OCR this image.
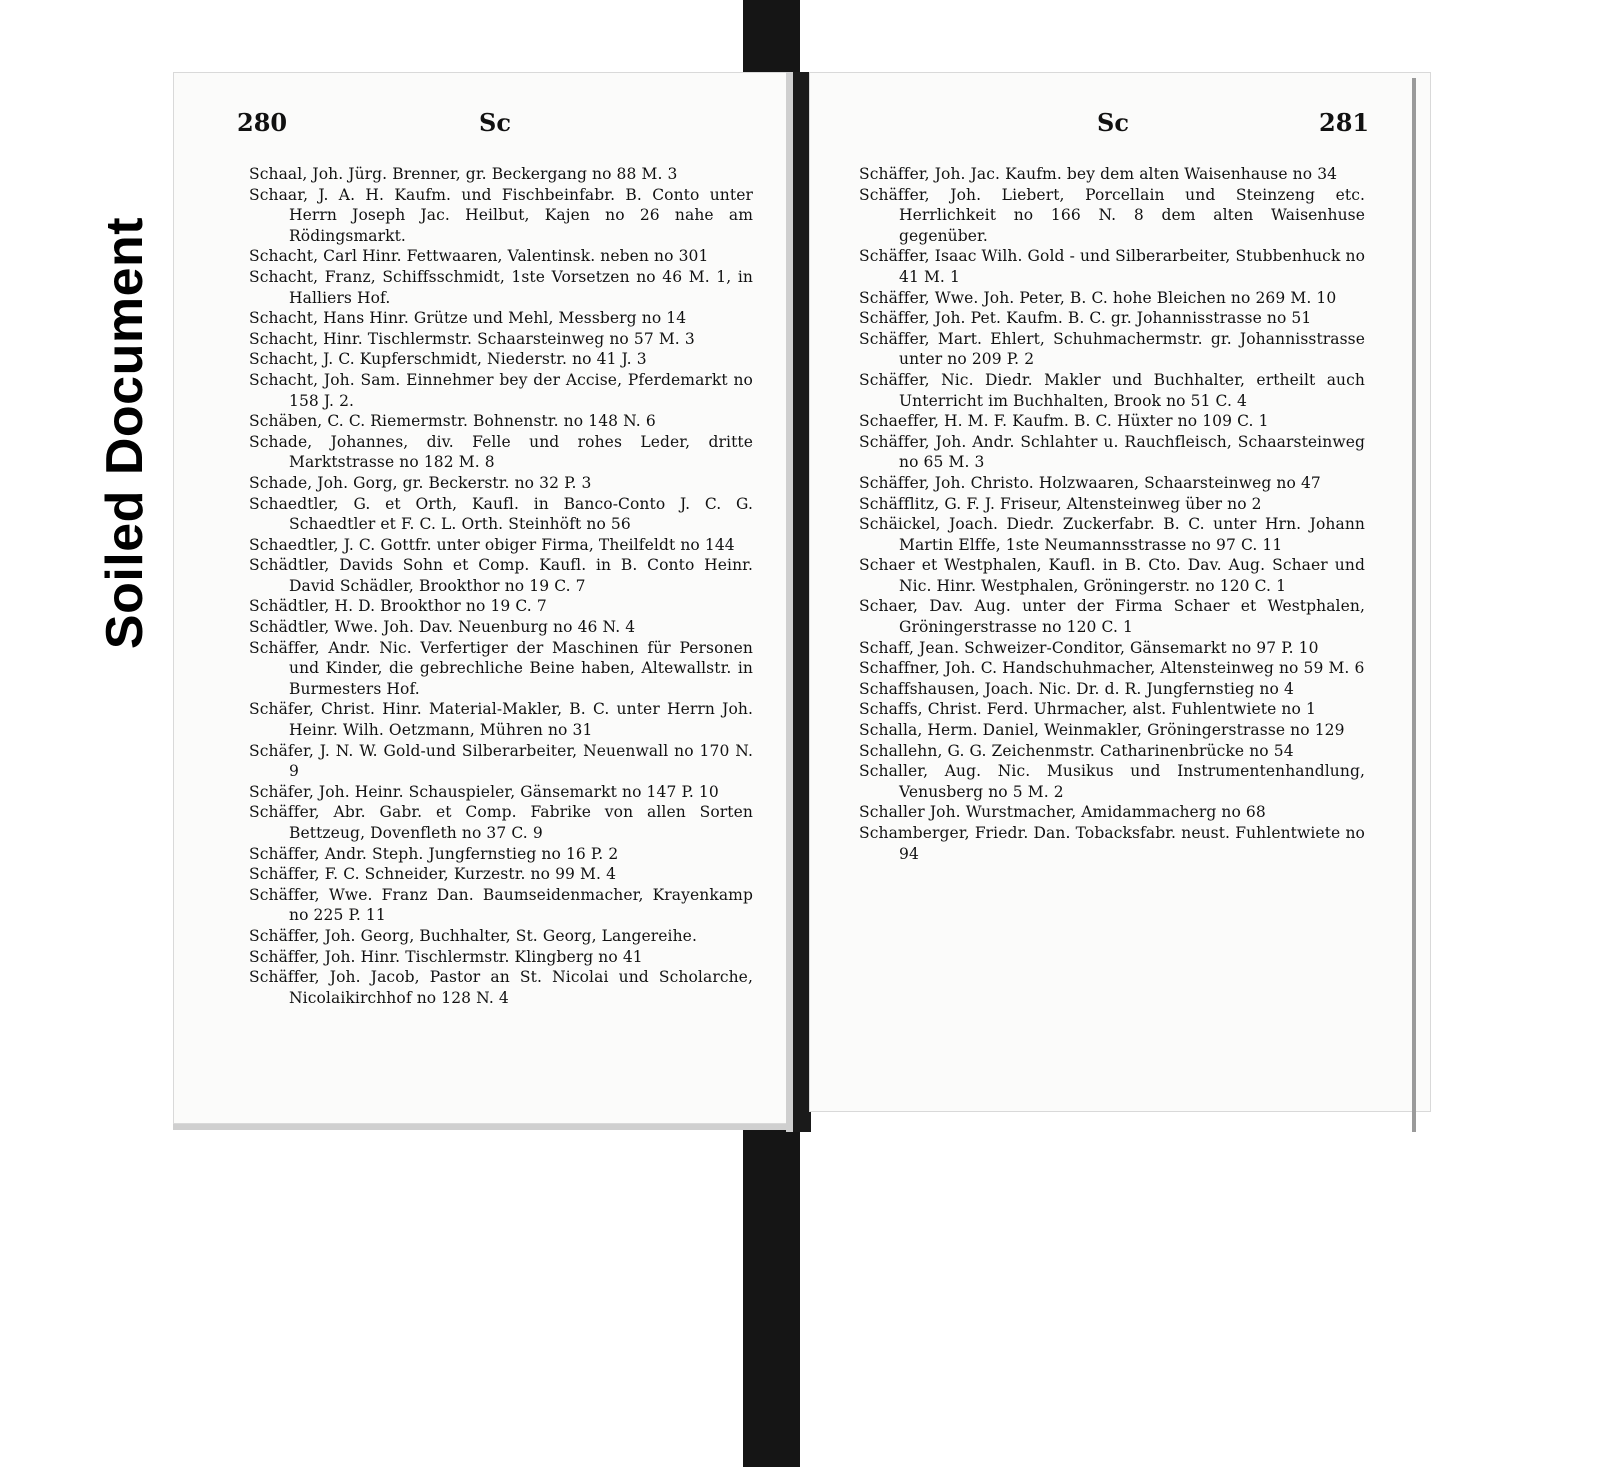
Soiled Document
280	Sc

Schaal, Joh. Jürg. Brenner, gr. Beckergang no 88 M. 3

Schaar, J. A. H. Kaufm. und Fischbeinfabr. B. Conto unter Herrn Joseph Jac. Heilbut, Kajen no 26 nahe am Rödingsmarkt.

Schacht, Carl Hinr. Fettwaaren, Valentinsk. neben no 301

Schacht, Franz, Schiffsschmidt, 1ste Vorsetzen no 46 M. 1, in Halliers Hof.

Schacht, Hans Hinr. Grütze und Mehl, Messberg no 14

Schacht, Hinr. Tischlermstr. Schaarsteinweg no 57 M. 3

Schacht, J. C. Kupferschmidt, Niederstr. no 41 J. 3

Schacht, Joh. Sam. Einnehmer bey der Accise, Pferdemarkt no 158 J. 2.

Schäben, C. C. Riemermstr. Bohnenstr. no 148 N. 6

Schade, Johannes, div. Felle und rohes Leder, dritte Marktstrasse no 182 M. 8

Schade, Joh. Gorg, gr. Beckerstr. no 32 P. 3

Schaedtler, G. et Orth, Kaufl. in Banco-Conto J. C. G. Schaedtler et F. C. L. Orth. Steinhöft no 56

Schaedtler, J. C. Gottfr. unter obiger Firma, Theilfeldt no 144

Schädtler, Davids Sohn et Comp. Kaufl. in B. Conto Heinr. David Schädler, Brookthor no 19 C. 7

Schädtler, H. D. Brookthor no 19 C. 7

Schädtler, Wwe. Joh. Dav. Neuenburg no 46 N. 4

Schäffer, Andr. Nic. Verfertiger der Maschinen für Personen und Kinder, die gebrechliche Beine haben, Altewallstr. in Burmesters Hof.

Schäfer, Christ. Hinr. Material-Makler, B. C. unter Herrn Joh. Heinr. Wilh. Oetzmann, Mühren no 31

Schäfer, J. N. W. Gold-und Silberarbeiter, Neuenwall no 170 N. 9

Schäfer, Joh. Heinr. Schauspieler, Gänsemarkt no 147 P. 10

Schäffer, Abr. Gabr. et Comp. Fabrike von allen Sorten Bettzeug, Dovenfleth no 37 C. 9

Schäffer, Andr. Steph. Jungfernstieg no 16 P. 2

Schäffer, F. C. Schneider, Kurzestr. no 99 M. 4

Schäffer, Wwe. Franz Dan. Baumseidenmacher, Krayenkamp no 225 P. 11

Schäffer, Joh. Georg, Buchhalter, St. Georg, Langereihe.

Schäffer, Joh. Hinr. Tischlermstr. Klingberg no 41

Schäffer, Joh. Jacob, Pastor an St. Nicolai und Scholarche, Nicolaikirchhof no 128 N. 4

Sc	281

Schäffer, Joh. Jac. Kaufm. bey dem alten Waisenhause no 34

Schäffer, Joh. Liebert, Porcellain und Steinzeng etc. Herrlichkeit no 166 N. 8 dem alten Waisenhuse gegenüber.

Schäffer, Isaac Wilh. Gold - und Silberarbeiter, Stubbenhuck no 41 M. 1

Schäffer, Wwe. Joh. Peter, B. C. hohe Bleichen no 269 M. 10

Schäffer, Joh. Pet. Kaufm. B. C. gr. Johannisstrasse no 51

Schäffer, Mart. Ehlert, Schuhmachermstr. gr. Johannisstrasse unter no 209 P. 2

Schäffer, Nic. Diedr. Makler und Buchhalter, ertheilt auch Unterricht im Buchhalten, Brook no 51 C. 4

Schaeffer, H. M. F. Kaufm. B. C. Hüxter no 109 C. 1

Schäffer, Joh. Andr. Schlahter u. Rauchfleisch, Schaarsteinweg no 65 M. 3

Schäffer, Joh. Christo. Holzwaaren, Schaarsteinweg no 47

Schäfflitz, G. F. J. Friseur, Altensteinweg über no 2

Schäickel, Joach. Diedr. Zuckerfabr. B. C. unter Hrn. Johann Martin Elffe, 1ste Neumannsstrasse no 97 C. 11

Schaer et Westphalen, Kaufl. in B. Cto. Dav. Aug. Schaer und Nic. Hinr. Westphalen, Gröningerstr. no 120 C. 1

Schaer, Dav. Aug. unter der Firma Schaer et Westphalen, Gröningerstrasse no 120 C. 1

Schaff, Jean. Schweizer-Conditor, Gänsemarkt no 97 P. 10

Schaffner, Joh. C. Handschuhmacher, Altensteinweg no 59 M. 6

Schaffshausen, Joach. Nic. Dr. d. R. Jungfernstieg no 4

Schaffs, Christ. Ferd. Uhrmacher, alst. Fuhlentwiete no 1

Schalla, Herm. Daniel, Weinmakler, Gröningerstrasse no 129

Schallehn, G. G. Zeichenmstr. Catharinenbrücke no 54

Schaller, Aug. Nic. Musikus und Instrumentenhandlung, Venusberg no 5 M. 2

Schaller Joh. Wurstmacher, Amidammacherg no 68

Schamberger, Friedr. Dan. Tobacksfabr. neust. Fuhlentwiete no 94
